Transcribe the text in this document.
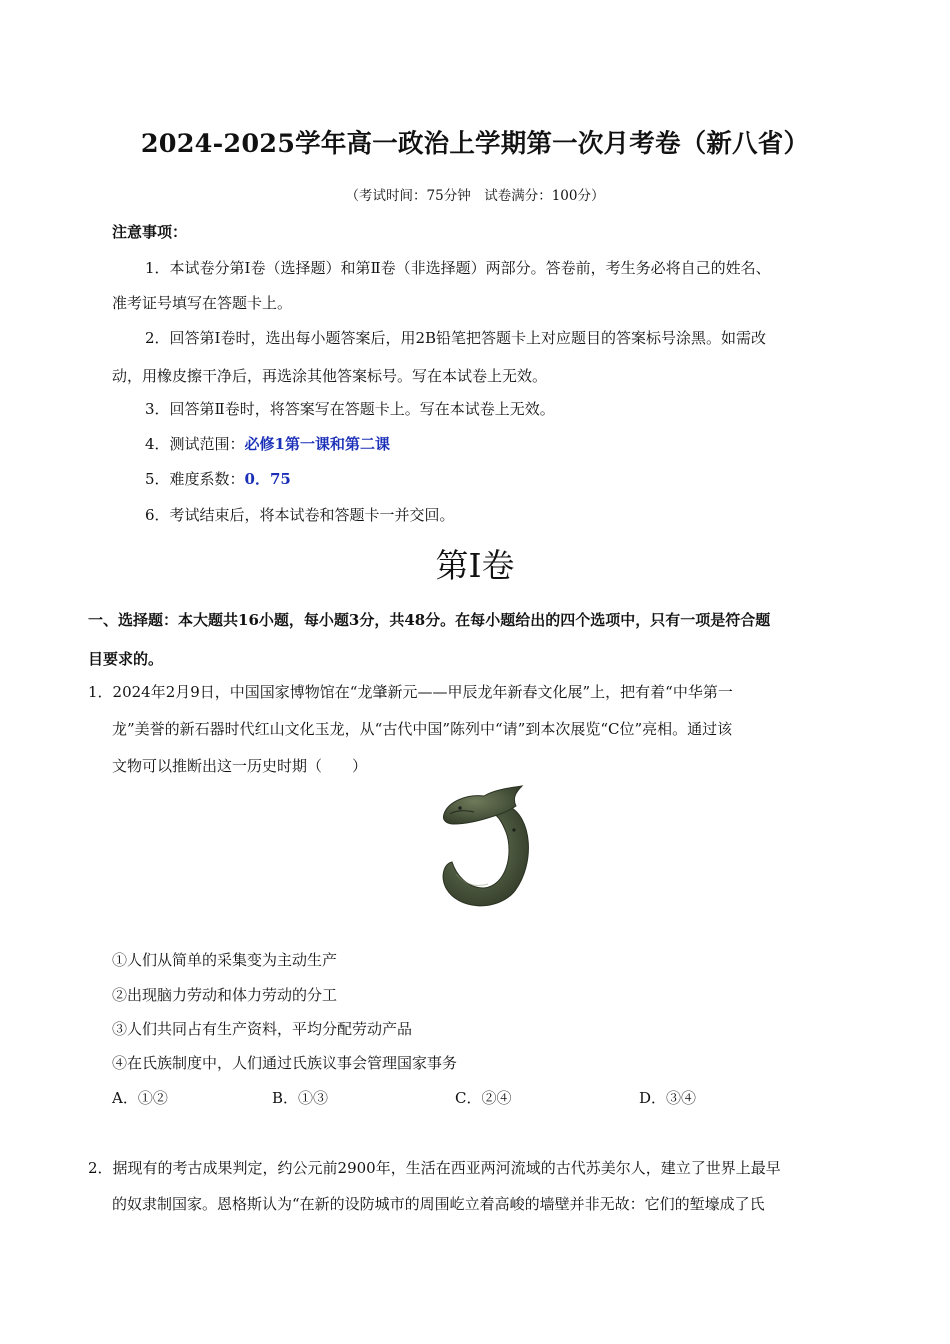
2024-2025学年高一政治上学期第一次月考卷（新八省）
（考试时间：75分钟　试卷满分：100分）
注意事项：
1．本试卷分第Ⅰ卷（选择题）和第Ⅱ卷（非选择题）两部分。答卷前，考生务必将自己的姓名、
准考证号填写在答题卡上。
2．回答第Ⅰ卷时，选出每小题答案后，用2B铅笔把答题卡上对应题目的答案标号涂黑。如需改
动，用橡皮擦干净后，再选涂其他答案标号。写在本试卷上无效。
3．回答第Ⅱ卷时，将答案写在答题卡上。写在本试卷上无效。
4．测试范围：必修1第一课和第二课
5．难度系数：0．75
6．考试结束后，将本试卷和答题卡一并交回。
第Ⅰ卷
一、选择题：本大题共16小题，每小题3分，共48分。在每小题给出的四个选项中，只有一项是符合题
目要求的。
1．2024年2月9日，中国国家博物馆在“龙肇新元——甲辰龙年新春文化展”上，把有着“中华第一
龙”美誉的新石器时代红山文化玉龙，从“古代中国”陈列中“请”到本次展览“C位”亮相。通过该
文物可以推断出这一历史时期（　　）
①人们从简单的采集变为主动生产
②出现脑力劳动和体力劳动的分工
③人们共同占有生产资料，平均分配劳动产品
④在氏族制度中，人们通过氏族议事会管理国家事务
A．①②	B．①③	C．②④	D．③④
2．据现有的考古成果判定，约公元前2900年，生活在西亚两河流域的古代苏美尔人，建立了世界上最早
的奴隶制国家。恩格斯认为“在新的设防城市的周围屹立着高峻的墙壁并非无故：它们的堑壕成了氏
